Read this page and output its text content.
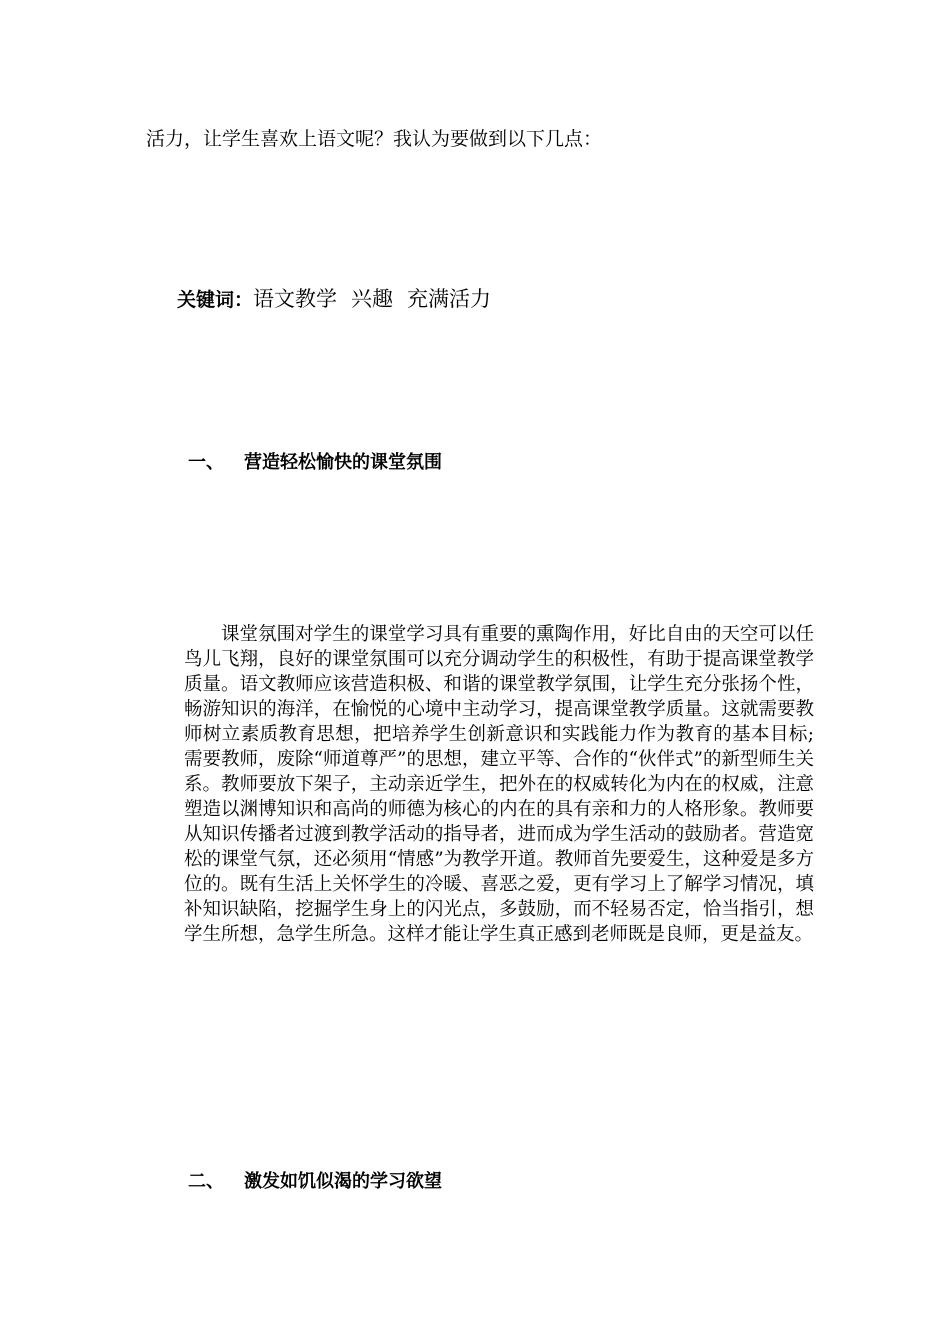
活力，让学生喜欢上语文呢？我认为要做到以下几点：
关键词：语文教学 兴趣 充满活力
一、 营造轻松愉快的课堂氛围

课堂氛围对学生的课堂学习具有重要的熏陶作用，好比自由的天空可以任鸟儿飞翔，良好的课堂氛围可以充分调动学生的积极性，有助于提高课堂教学质量。语文教师应该营造积极、和谐的课堂教学氛围，让学生充分张扬个性，畅游知识的海洋，在愉悦的心境中主动学习，提高课堂教学质量。这就需要教师树立素质教育思想，把培养学生创新意识和实践能力作为教育的基本目标;需要教师，废除“师道尊严”的思想，建立平等、合作的“伙伴式”的新型师生关系。教师要放下架子，主动亲近学生，把外在的权威转化为内在的权威，注意塑造以渊博知识和高尚的师德为核心的内在的具有亲和力的人格形象。教师要从知识传播者过渡到教学活动的指导者，进而成为学生活动的鼓励者。营造宽松的课堂气氛，还必须用“情感”为教学开道。教师首先要爱生，这种爱是多方位的。既有生活上关怀学生的冷暖、喜恶之爱，更有学习上了解学习情况，填补知识缺陷，挖掘学生身上的闪光点，多鼓励，而不轻易否定，恰当指引，想学生所想，急学生所急。这样才能让学生真正感到老师既是良师，更是益友。

二、 激发如饥似渴的学习欲望
